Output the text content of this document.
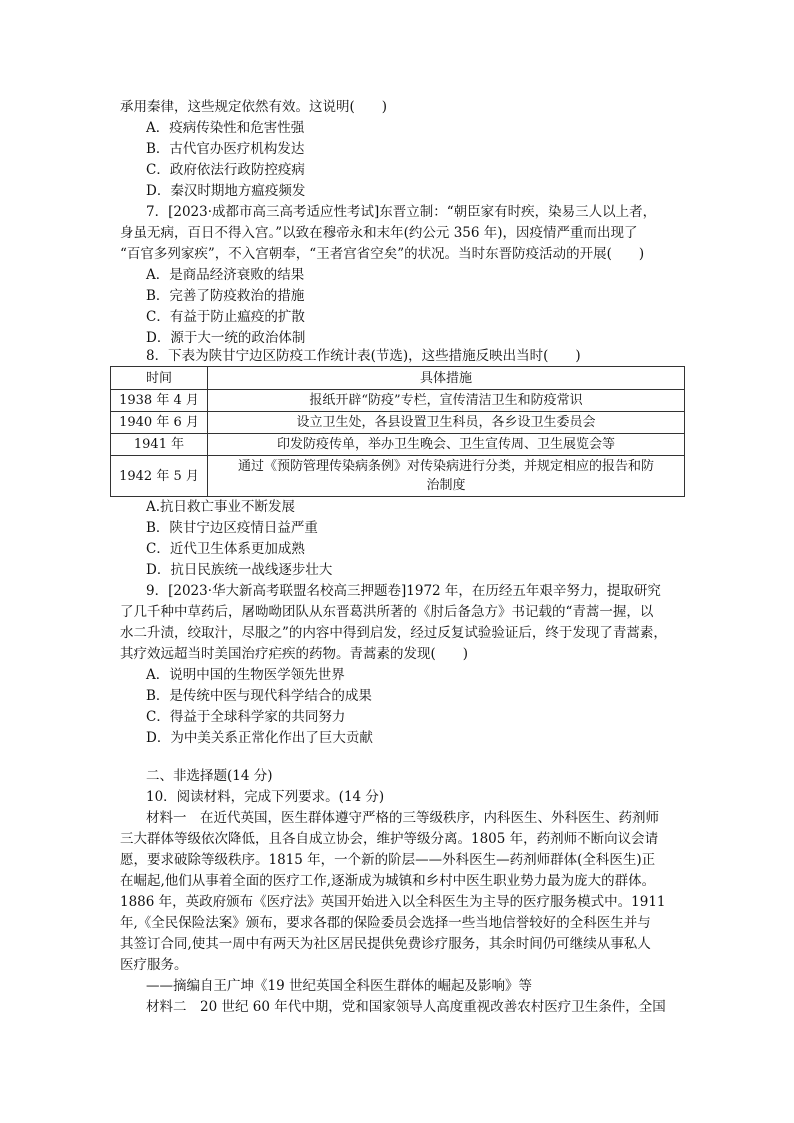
承用秦律，这些规定依然有效。这说明(　　)
A．疫病传染性和危害性强
B．古代官办医疗机构发达
C．政府依法行政防控疫病
D．秦汉时期地方瘟疫频发
7．[2023·成都市高三高考适应性考试]东晋立制：“朝臣家有时疾，染易三人以上者，
身虽无病，百日不得入宫。”以致在穆帝永和末年(约公元 356 年)，因疫情严重而出现了
“百官多列家疾”，不入宫朝奉，“王者宫省空矣”的状况。当时东晋防疫活动的开展(　　)
A．是商品经济衰败的结果
B．完善了防疫救治的措施
C．有益于防止瘟疫的扩散
D．源于大一统的政治体制
8．下表为陕甘宁边区防疫工作统计表(节选)，这些措施反映出当时(　　)
时间	具体措施
1938 年 4 月	报纸开辟“防疫”专栏，宣传清洁卫生和防疫常识
1940 年 6 月	设立卫生处，各县设置卫生科员，各乡设卫生委员会
1941 年	印发防疫传单，举办卫生晚会、卫生宣传周、卫生展览会等
1942 年 5 月	通过《预防管理传染病条例》对传染病进行分类，并规定相应的报告和防
治制度
A.抗日救亡事业不断发展
B．陕甘宁边区疫情日益严重
C．近代卫生体系更加成熟
D．抗日民族统一战线逐步壮大
9．[2023·华大新高考联盟名校高三押题卷]1972 年，在历经五年艰辛努力，提取研究
了几千种中草药后，屠呦呦团队从东晋葛洪所著的《肘后备急方》书记载的“青蒿一握，以
水二升渍，绞取汁，尽服之”的内容中得到启发，经过反复试验验证后，终于发现了青蒿素，
其疗效远超当时美国治疗疟疾的药物。青蒿素的发现(　　)
A．说明中国的生物医学领先世界
B．是传统中医与现代科学结合的成果
C．得益于全球科学家的共同努力
D．为中美关系正常化作出了巨大贡献
二、非选择题(14 分)
10．阅读材料，完成下列要求。(14 分)
材料一　在近代英国，医生群体遵守严格的三等级秩序，内科医生、外科医生、药剂师
三大群体等级依次降低，且各自成立协会，维护等级分离。1805 年，药剂师不断向议会请
愿，要求破除等级秩序。1815 年，一个新的阶层——外科医生—药剂师群体(全科医生)正
在崛起,他们从事着全面的医疗工作,逐渐成为城镇和乡村中医生职业势力最为庞大的群体。
1886 年，英政府颁布《医疗法》英国开始进入以全科医生为主导的医疗服务模式中。1911
年,《全民保险法案》颁布，要求各郡的保险委员会选择一些当地信誉较好的全科医生并与
其签订合同,使其一周中有两天为社区居民提供免费诊疗服务，其余时间仍可继续从事私人
医疗服务。
——摘编自王广坤《19 世纪英国全科医生群体的崛起及影响》等
材料二　20 世纪 60 年代中期，党和国家领导人高度重视改善农村医疗卫生条件，全国
